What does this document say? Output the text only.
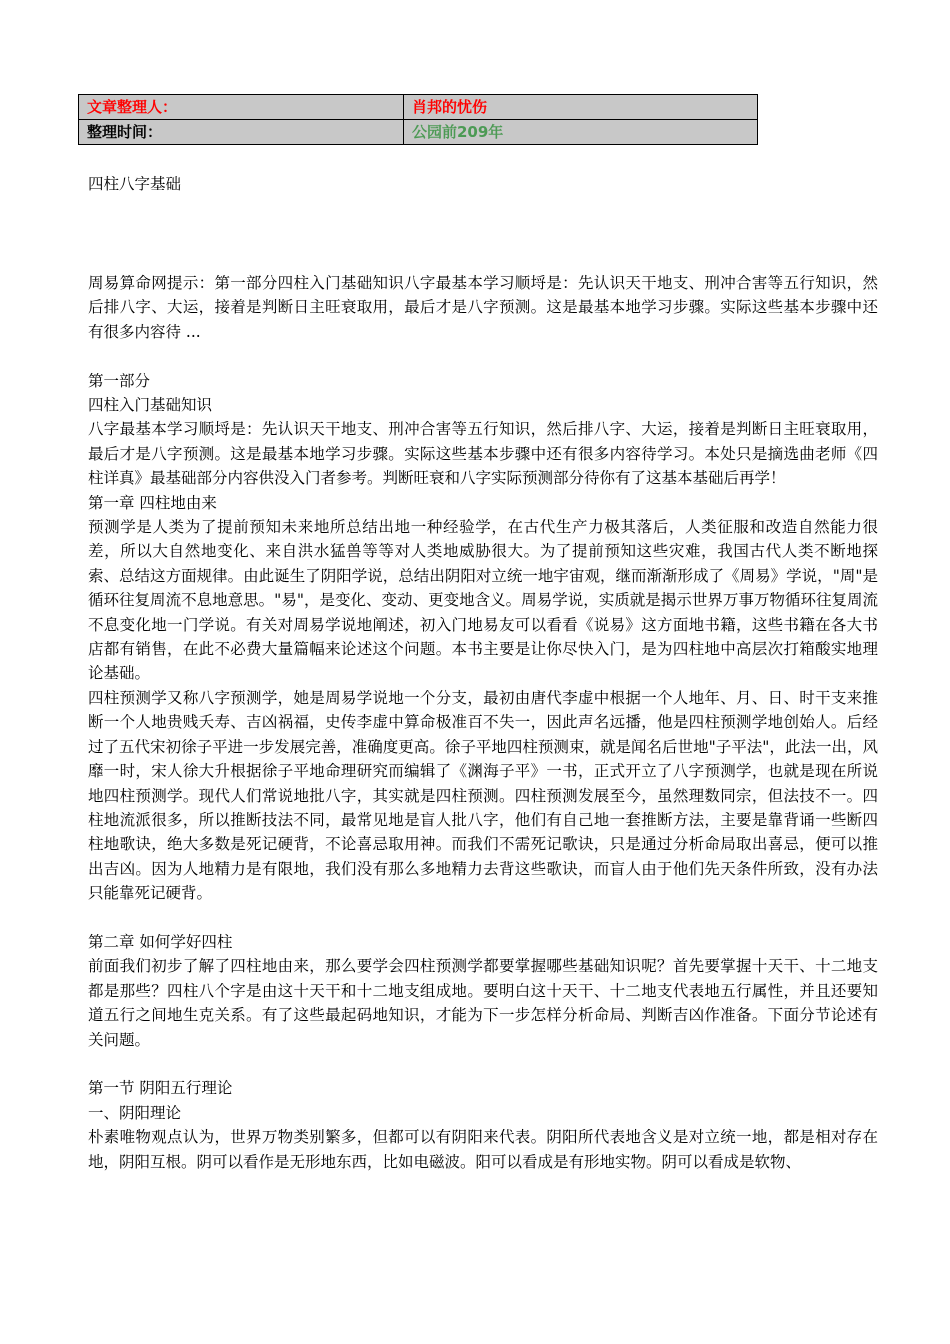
文章整理人：	肖邦的忧伤
整理时间：	公园前209年

四柱八字基础

周易算命网提示：第一部分四柱入门基础知识八字最基本学习顺埒是：先认识天干地支、刑冲合害等五行知识，然后排八字、大运，接着是判断日主旺衰取用，最后才是八字预测。这是最基本地学习步骤。实际这些基本步骤中还有很多内容待 ...

第一部分

四柱入门基础知识

八字最基本学习顺埒是：先认识天干地支、刑冲合害等五行知识，然后排八字、大运，接着是判断日主旺衰取用，最后才是八字预测。这是最基本地学习步骤。实际这些基本步骤中还有很多内容待学习。本处只是摘选曲老师《四柱详真》最基础部分内容供没入门者参考。判断旺衰和八字实际预测部分待你有了这基本基础后再学！

第一章 四柱地由来

预测学是人类为了提前预知未来地所总结出地一种经验学，在古代生产力极其落后，人类征服和改造自然能力很差，所以大自然地变化、来自洪水猛兽等等对人类地威胁很大。为了提前预知这些灾难，我国古代人类不断地探索、总结这方面规律。由此诞生了阴阳学说，总结出阴阳对立统一地宇宙观，继而渐渐形成了《周易》学说，"周"是循环往复周流不息地意思。"易"，是变化、变动、更变地含义。周易学说，实质就是揭示世界万事万物循环往复周流不息变化地一门学说。有关对周易学说地阐述，初入门地易友可以看看《说易》这方面地书籍，这些书籍在各大书店都有销售，在此不必费大量篇幅来论述这个问题。本书主要是让你尽快入门，是为四柱地中高层次打箱酸实地理论基础。

四柱预测学又称八字预测学，她是周易学说地一个分支，最初由唐代李虚中根据一个人地年、月、日、时干支来推断一个人地贵贱夭寿、吉凶祸福，史传李虚中算命极准百不失一，因此声名远播，他是四柱预测学地创始人。后经过了五代宋初徐子平进一步发展完善，准确度更高。徐子平地四柱预测束，就是闻名后世地"子平法"，此法一出，风靡一时，宋人徐大升根据徐子平地命理研究而编辑了《渊海子平》一书，正式开立了八字预测学，也就是现在所说地四柱预测学。现代人们常说地批八字，其实就是四柱预测。四柱预测发展至今，虽然理数同宗，但法技不一。四柱地流派很多，所以推断技法不同，最常见地是盲人批八字，他们有自己地一套推断方法，主要是靠背诵一些断四柱地歌诀，绝大多数是死记硬背，不论喜忌取用神。而我们不需死记歌诀，只是通过分析命局取出喜忌，便可以推出吉凶。因为人地精力是有限地，我们没有那么多地精力去背这些歌诀，而盲人由于他们先天条件所致，没有办法只能靠死记硬背。

第二章 如何学好四柱

前面我们初步了解了四柱地由来，那么要学会四柱预测学都要掌握哪些基础知识呢？首先要掌握十天干、十二地支都是那些？四柱八个字是由这十天干和十二地支组成地。要明白这十天干、十二地支代表地五行属性，并且还要知道五行之间地生克关系。有了这些最起码地知识，才能为下一步怎样分析命局、判断吉凶作准备。下面分节论述有关问题。

第一节 阴阳五行理论

一、阴阳理论

朴素唯物观点认为，世界万物类别繁多，但都可以有阴阳来代表。阴阳所代表地含义是对立统一地，都是相对存在地，阴阳互根。阴可以看作是无形地东西，比如电磁波。阳可以看成是有形地实物。阴可以看成是软物、
